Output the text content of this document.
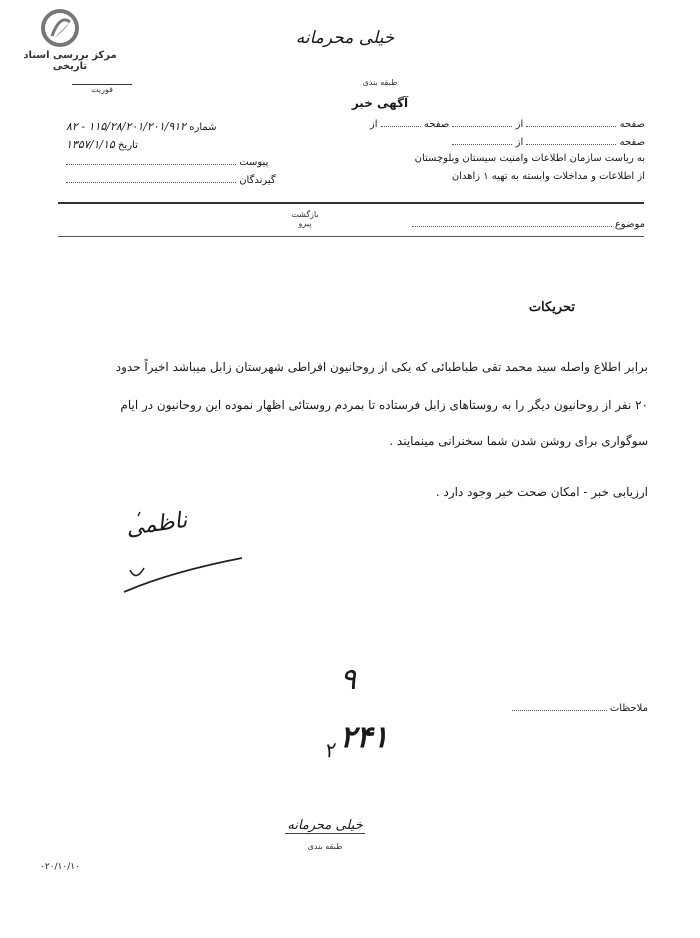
مرکز بررسی اسناد تاریخی
خیلی محرمانه
فوریت
طبقه بندی
آگهی خبر
صفحه  از  صفحه  از
شماره ۱۱۵/۲۸/۲۰۱/۲۰۱/۹۱۲ - ۸۲
صفحه  از
تاریخ ۱۳۵۷/۱/۱۵
به ریاست سازمان اطلاعات وامنیت سیستان وبلوچستان
پیوست
از اطلاعات و مداخلات وابسته به تهیه ۱ زاهدان
گیرندگان
موضوع
بازگشت
پیرو
تحریکات
برابر اطلاع واصله سید محمد تقی طباطبائی که یکی از روحانیون افراطی شهرستان زابل میباشد اخیراً حدود
۲۰ نفر از روحانیون دیگر را به روستاهای زابل فرستاده تا بمردم روستائی اظهار نموده این روحانیون در ایام
سوگواری برای روشن شدن شما سخنرانی مینمایند .
ارزیابی خبر - امکان صحت خبر وجود دارد .
ناظمی
ملاحظات
۹
۲۴۱
۲
خیلی محرمانه
طبقه بندی
۰۲۰/۱۰/۱۰
